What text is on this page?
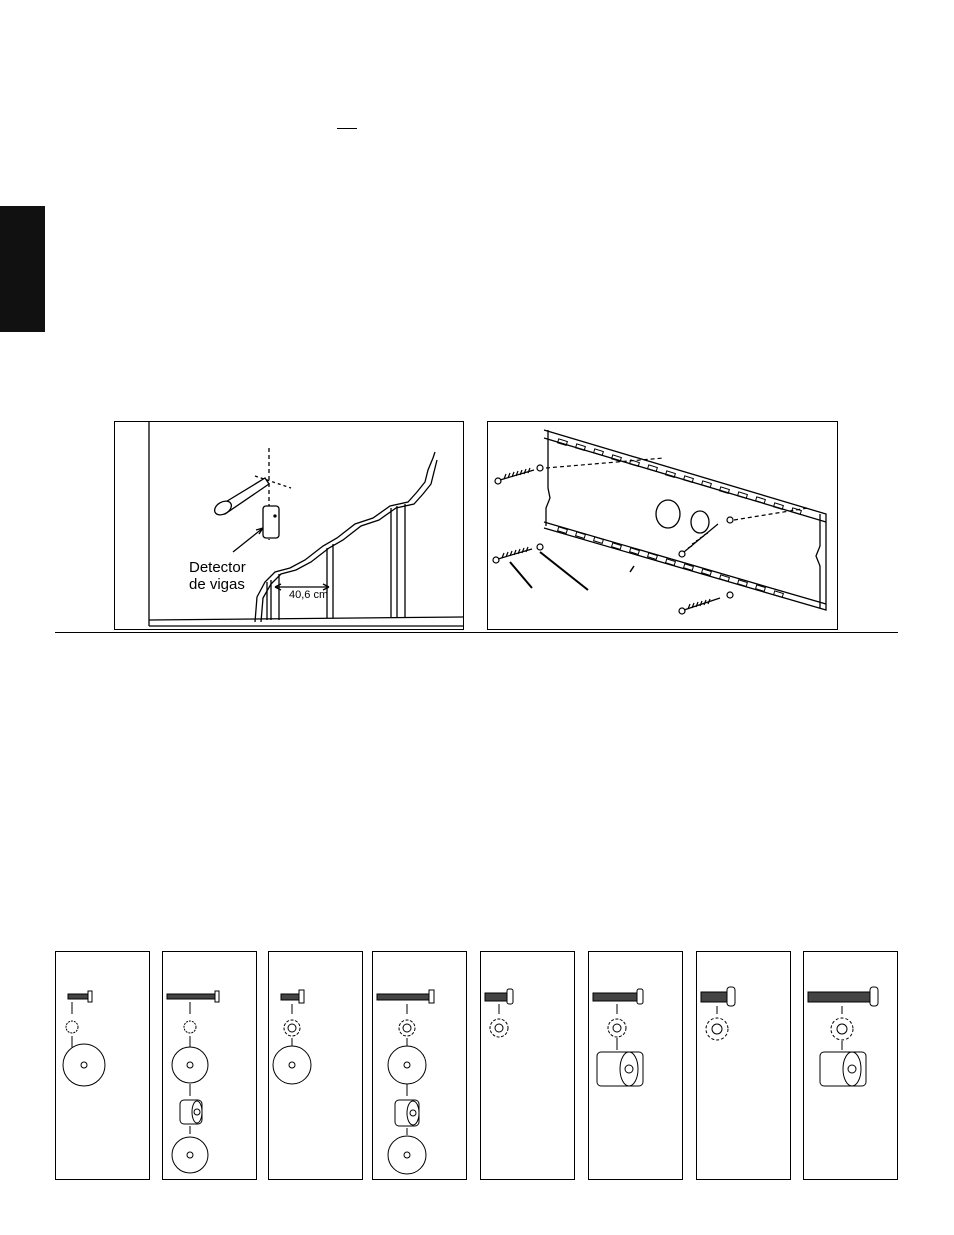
Detector
de vigas
40,6 cm
